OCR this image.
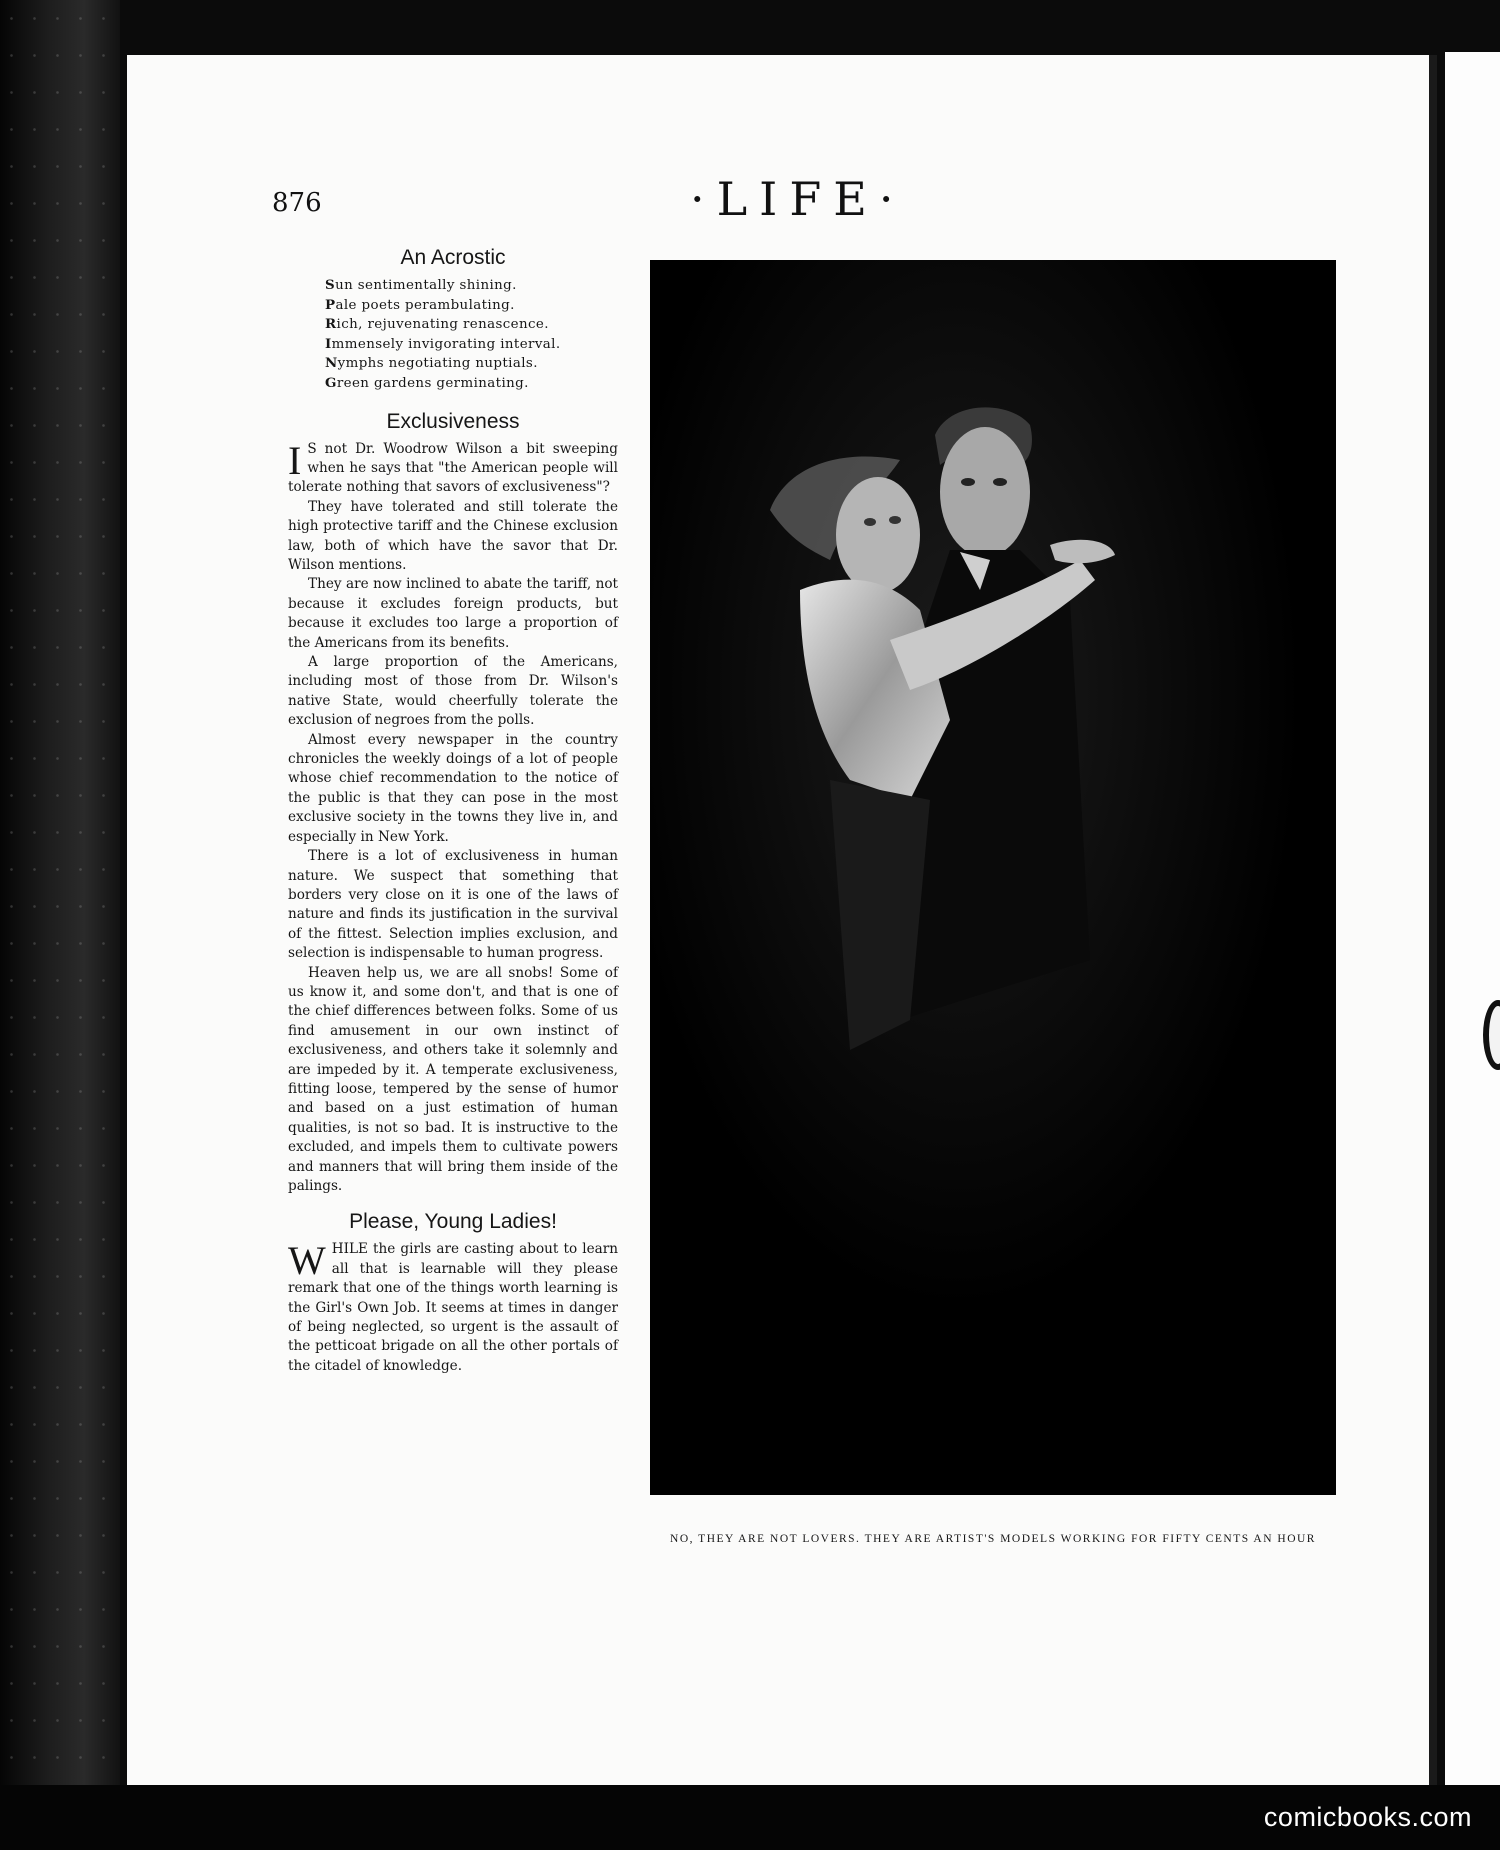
876	·LIFE·
An Acrostic
Sun sentimentally shining.
Pale poets perambulating.
Rich, rejuvenating renascence.
Immensely invigorating interval.
Nymphs negotiating nuptials.
Green gardens germinating.
Exclusiveness

I S not Dr. Woodrow Wilson a bit sweeping when he says that "the American people will tolerate nothing that savors of exclusiveness"?

They have tolerated and still tolerate the high protective tariff and the Chinese exclusion law, both of which have the savor that Dr. Wilson mentions.

They are now inclined to abate the tariff, not because it excludes foreign products, but because it excludes too large a proportion of the Americans from its benefits.

A large proportion of the Americans, including most of those from Dr. Wilson's native State, would cheerfully tolerate the exclusion of negroes from the polls.

Almost every newspaper in the country chronicles the weekly doings of a lot of people whose chief recommendation to the notice of the public is that they can pose in the most exclusive society in the towns they live in, and especially in New York.

There is a lot of exclusiveness in human nature. We suspect that something that borders very close on it is one of the laws of nature and finds its justification in the survival of the fittest. Selection implies exclusion, and selection is indispensable to human progress.

Heaven help us, we are all snobs! Some of us know it, and some don't, and that is one of the chief differences between folks. Some of us find amusement in our own instinct of exclusiveness, and others take it solemnly and are impeded by it. A temperate exclusiveness, fitting loose, tempered by the sense of humor and based on a just estimation of human qualities, is not so bad. It is instructive to the excluded, and impels them to cultivate powers and manners that will bring them inside of the palings.

Please, Young Ladies!

WHILE the girls are casting about to learn all that is learnable will they please remark that one of the things worth learning is the Girl's Own Job. It seems at times in danger of being neglected, so urgent is the assault of the petticoat brigade on all the other portals of the citadel of knowledge.

NO, THEY ARE NOT LOVERS. THEY ARE ARTIST'S MODELS WORKING FOR FIFTY CENTS AN HOUR
comicbooks.com
